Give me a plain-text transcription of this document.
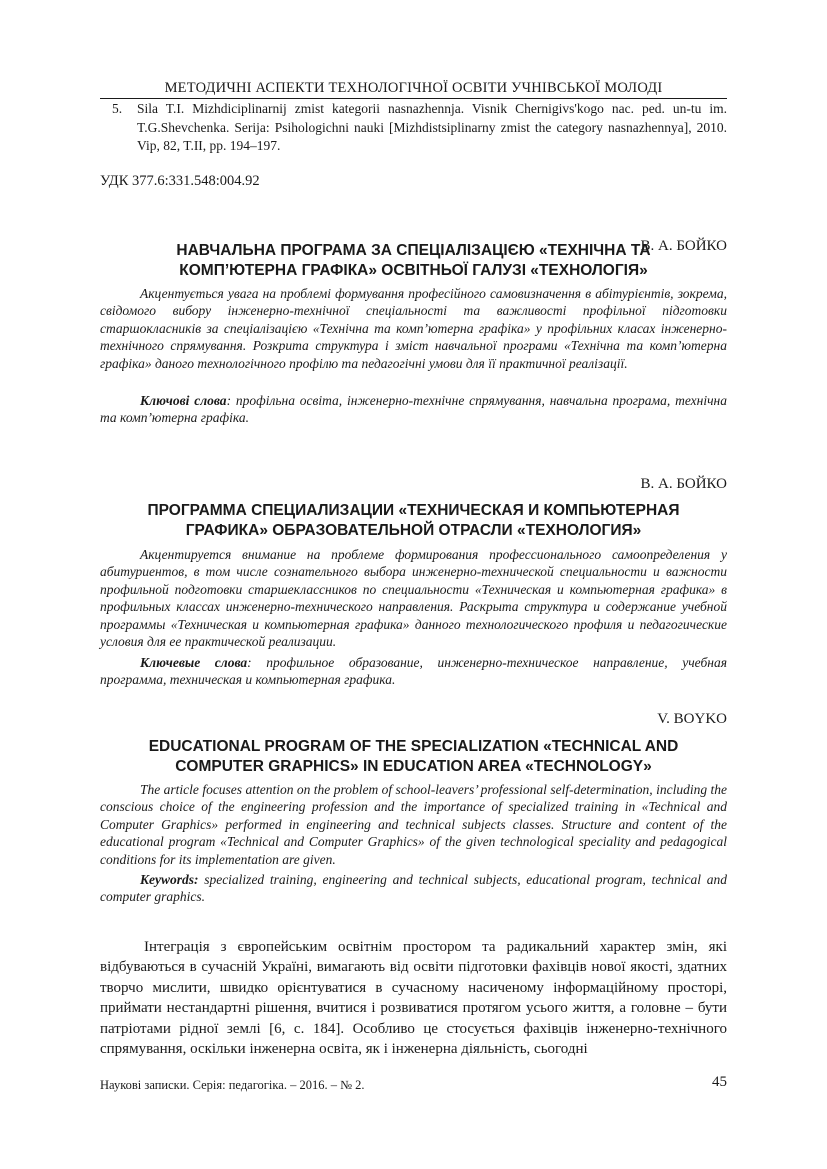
МЕТОДИЧНІ АСПЕКТИ ТЕХНОЛОГІЧНОЇ ОСВІТИ УЧНІВСЬКОЇ МОЛОДІ
5. Sila T.I. Mizhdiciplinarnij zmist kategorii nasnazhennja. Visnik Chernigivs'kogo nac. ped. un-tu im. T.G.Shevchenka. Serija: Psihologichni nauki [Mizhdistsiplinarny zmist the category nasnazhennya], 2010. Vip, 82, T.II, pp. 194–197.
УДК 377.6:331.548:004.92
В. А. БОЙКО
НАВЧАЛЬНА ПРОГРАМА ЗА СПЕЦІАЛІЗАЦІЄЮ «ТЕХНІЧНА ТА КОМП’ЮТЕРНА ГРАФІКА» ОСВІТНЬОЇ ГАЛУЗІ «ТЕХНОЛОГІЯ»
Акцентується увага на проблемі формування професійного самовизначення в абітурієнтів, зокрема, свідомого вибору інженерно-технічної спеціальності та важливості профільної підготовки старшокласників за спеціалізацією «Технічна та комп’ютерна графіка» у профільних класах інженерно-технічного спрямування. Розкрита структура і зміст навчальної програми «Технічна та комп’ютерна графіка» даного технологічного профілю та педагогічні умови для її практичної реалізації.
Ключові слова: профільна освіта, інженерно-технічне спрямування, навчальна програма, технічна та комп’ютерна графіка.
В. А. БОЙКО
ПРОГРАММА СПЕЦИАЛИЗАЦИИ «ТЕХНИЧЕСКАЯ И КОМПЬЮТЕРНАЯ ГРАФИКА» ОБРАЗОВАТЕЛЬНОЙ ОТРАСЛИ «ТЕХНОЛОГИЯ»
Акцентируется внимание на проблеме формирования профессионального самоопределения у абитуриентов, в том числе сознательного выбора инженерно-технической специальности и важности профильной подготовки старшеклассников по специальности «Техническая и компьютерная графика» в профильных классах инженерно-технического направления. Раскрыта структура и содержание учебной программы «Техническая и компьютерная графика» данного технологического профиля и педагогические условия для ее практической реализации.
Ключевые слова: профильное образование, инженерно-техническое направление, учебная программа, техническая и компьютерная графика.
V. BOYKO
EDUCATIONAL PROGRAM OF THE SPECIALIZATION «TECHNICAL AND COMPUTER GRAPHICS» IN EDUCATION AREA «TECHNOLOGY»
The article focuses attention on the problem of school-leavers’ professional self-determination, including the conscious choice of the engineering profession and the importance of specialized training in «Technical and Computer Graphics» performed in engineering and technical subjects classes. Structure and content of the educational program «Technical and Computer Graphics» of the given technological speciality and pedagogical conditions for its implementation are given.
Keywords: specialized training, engineering and technical subjects, educational program, technical and computer graphics.
Інтеграція з європейським освітнім простором та радикальний характер змін, які відбуваються в сучасній Україні, вимагають від освіти підготовки фахівців нової якості, здатних творчо мислити, швидко орієнтуватися в сучасному насиченому інформаційному просторі, приймати нестандартні рішення, вчитися і розвиватися протягом усього життя, а головне – бути патріотами рідної землі [6, с. 184]. Особливо це стосується фахівців інженерно-технічного спрямування, оскільки інженерна освіта, як і інженерна діяльність, сьогодні
Наукові записки. Серія: педагогіка. – 2016. – № 2.	45
